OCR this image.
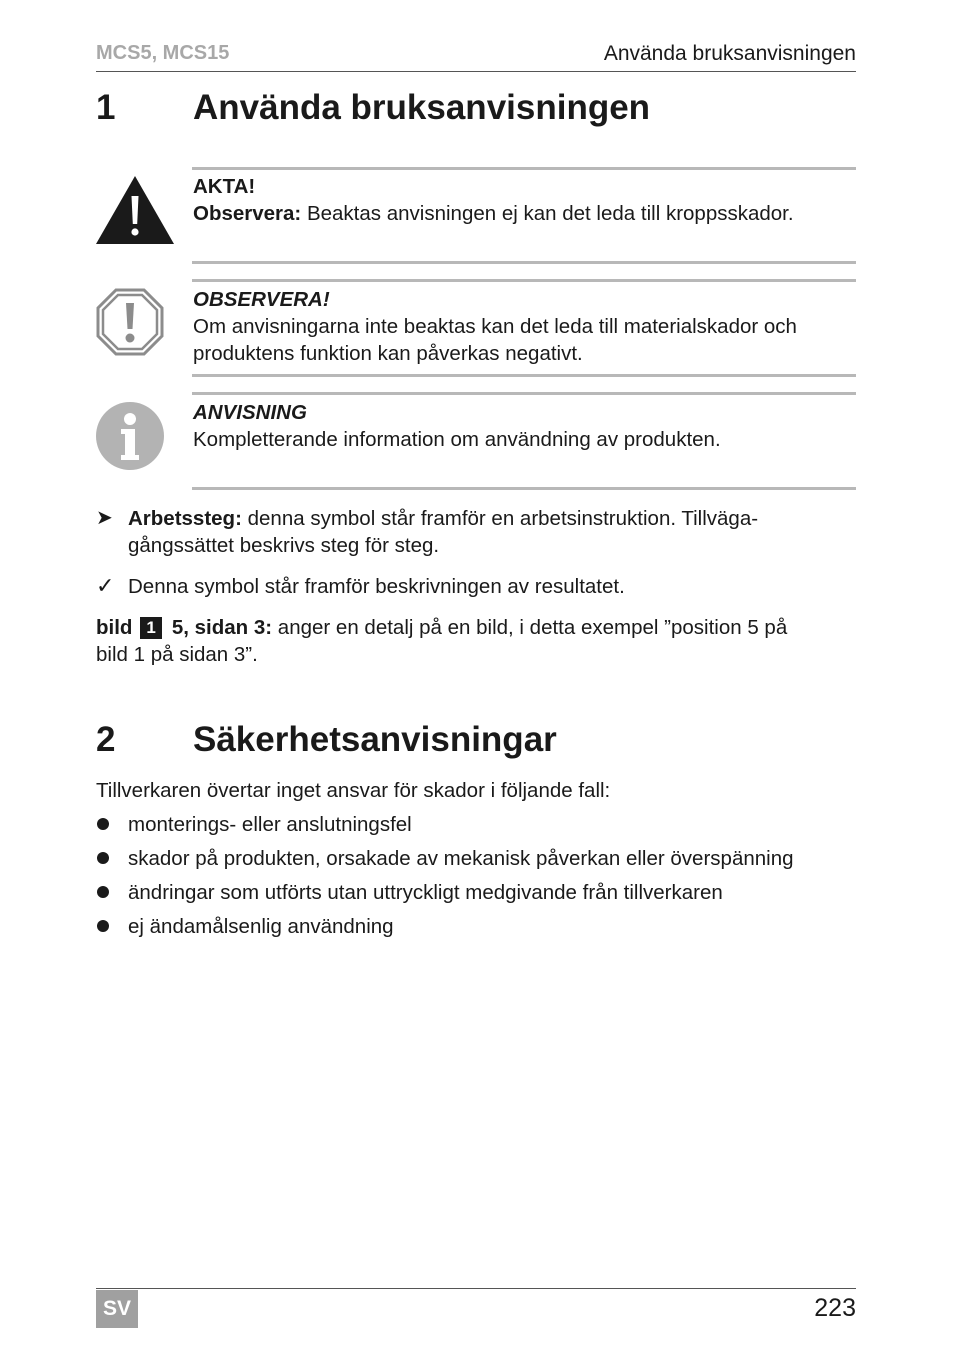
MCS5, MCS15	Använda bruksanvisningen
1 Använda bruksanvisningen
AKTA!
Observera: Beaktas anvisningen ej kan det leda till kroppsskador.
OBSERVERA!
Om anvisningarna inte beaktas kan det leda till materialskador och
produktens funktion kan påverkas negativt.
ANVISNING
Kompletterande information om användning av produkten.
➤ Arbetssteg: denna symbol står framför en arbetsinstruktion. Tillvägа-
gångssättet beskrivs steg för steg.
✓ Denna symbol står framför beskrivningen av resultatet.
bild 1 5, sidan 3: anger en detalj på en bild, i detta exempel ”position 5 på
bild 1 på sidan 3”.
2 Säkerhetsanvisningar
Tillverkaren övertar inget ansvar för skador i följande fall:
monterings- eller anslutningsfel
skador på produkten, orsakade av mekanisk påverkan eller överspänning
ändringar som utförts utan uttryckligt medgivande från tillverkaren
ej ändamålsenlig användning
SV	223
